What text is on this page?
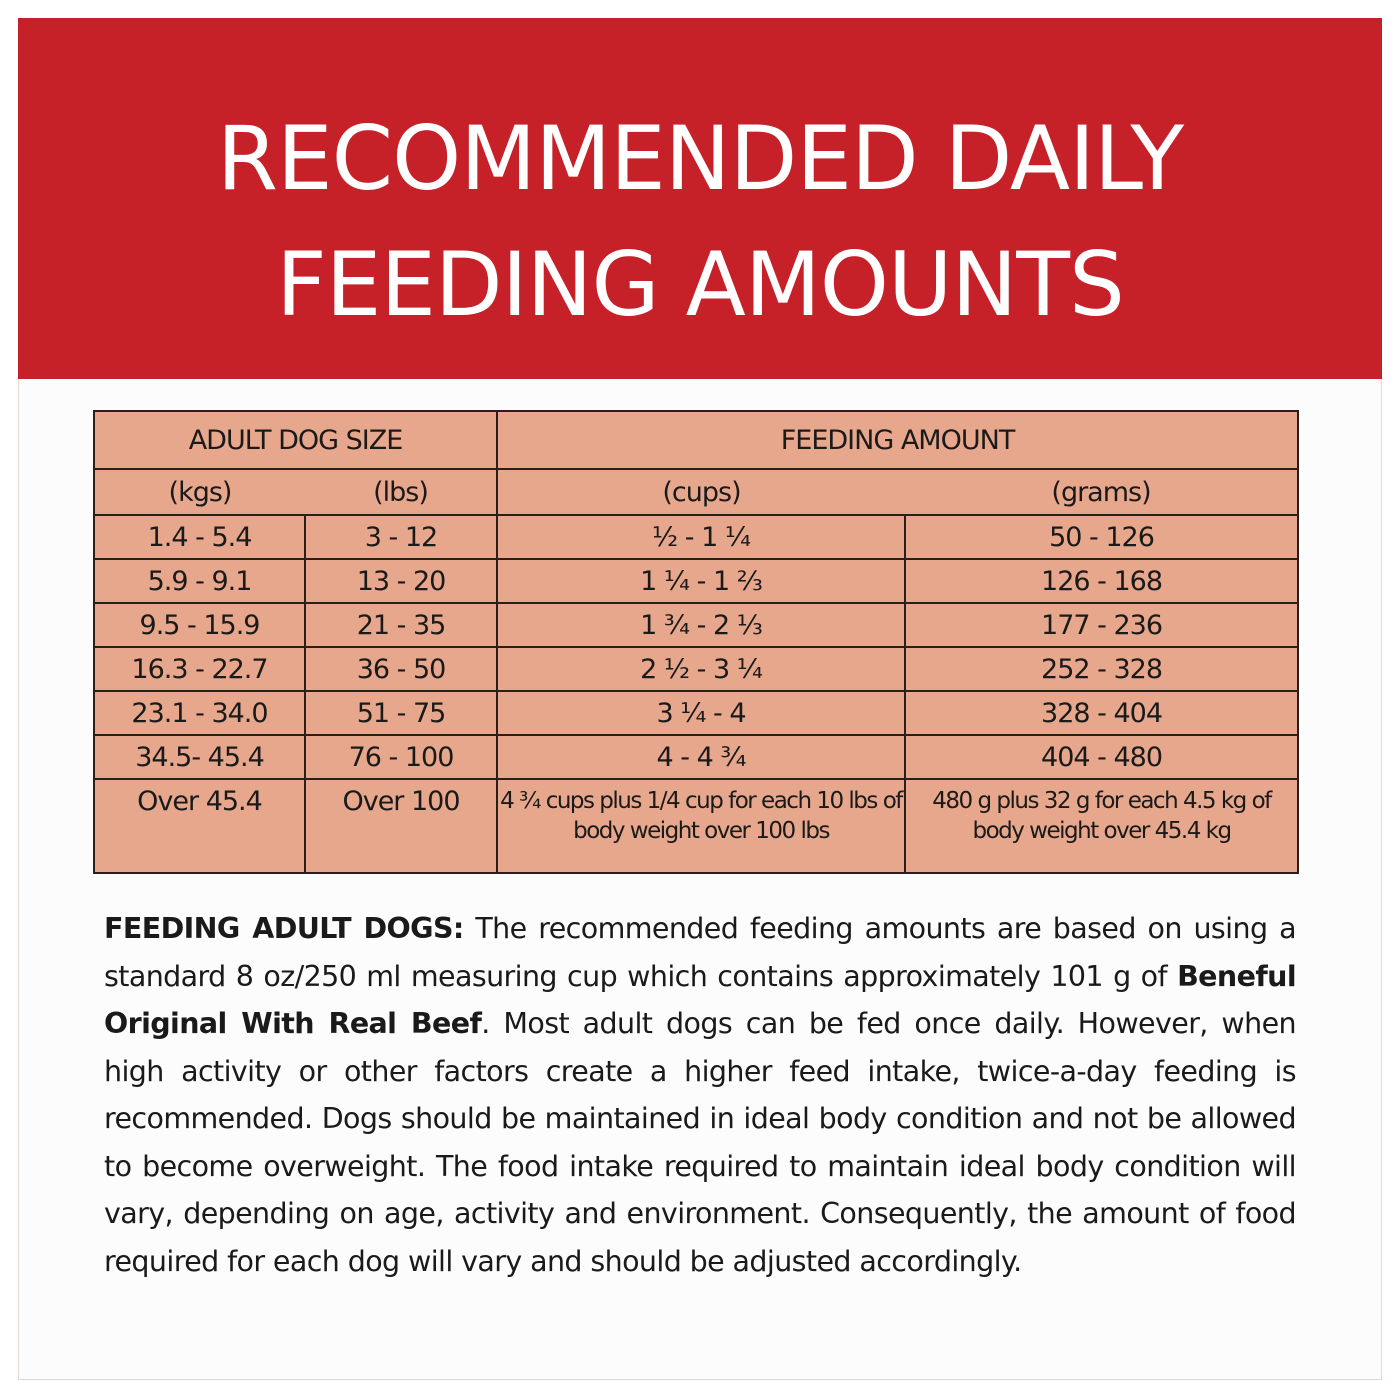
RECOMMENDED DAILY
FEEDING AMOUNTS
ADULT DOG SIZE		FEEDING AMOUNT	
(kgs)	(lbs)	(cups)	(grams)
1.4 - 5.4	3 - 12	½ - 1 ¼	50 - 126
5.9 - 9.1	13 - 20	1 ¼ - 1 ⅔	126 - 168
9.5 - 15.9	21 - 35	1 ¾ - 2 ⅓	177 - 236
16.3 - 22.7	36 - 50	2 ½ - 3 ¼	252 - 328
23.1 - 34.0	51 - 75	3 ¼ - 4	328 - 404
34.5- 45.4	76 - 100	4 - 4 ¾	404 - 480
Over 45.4	Over 100	4 ¾ cups plus 1/4 cup for each 10 lbs of body weight over 100 lbs	480 g plus 32 g for each 4.5 kg of body weight over 45.4 kg

FEEDING ADULT DOGS: The recommended feeding amounts are based on using a standard 8 oz/250 ml measuring cup which contains approximately 101 g of Beneful Original With Real Beef. Most adult dogs can be fed once daily. However, when high activity or other factors create a higher feed intake, twice-a-day feeding is recommended. Dogs should be maintained in ideal body condition and not be allowed to become overweight. The food intake required to maintain ideal body condition will vary, depending on age, activity and environment. Consequently, the amount of food required for each dog will vary and should be adjusted accordingly.
